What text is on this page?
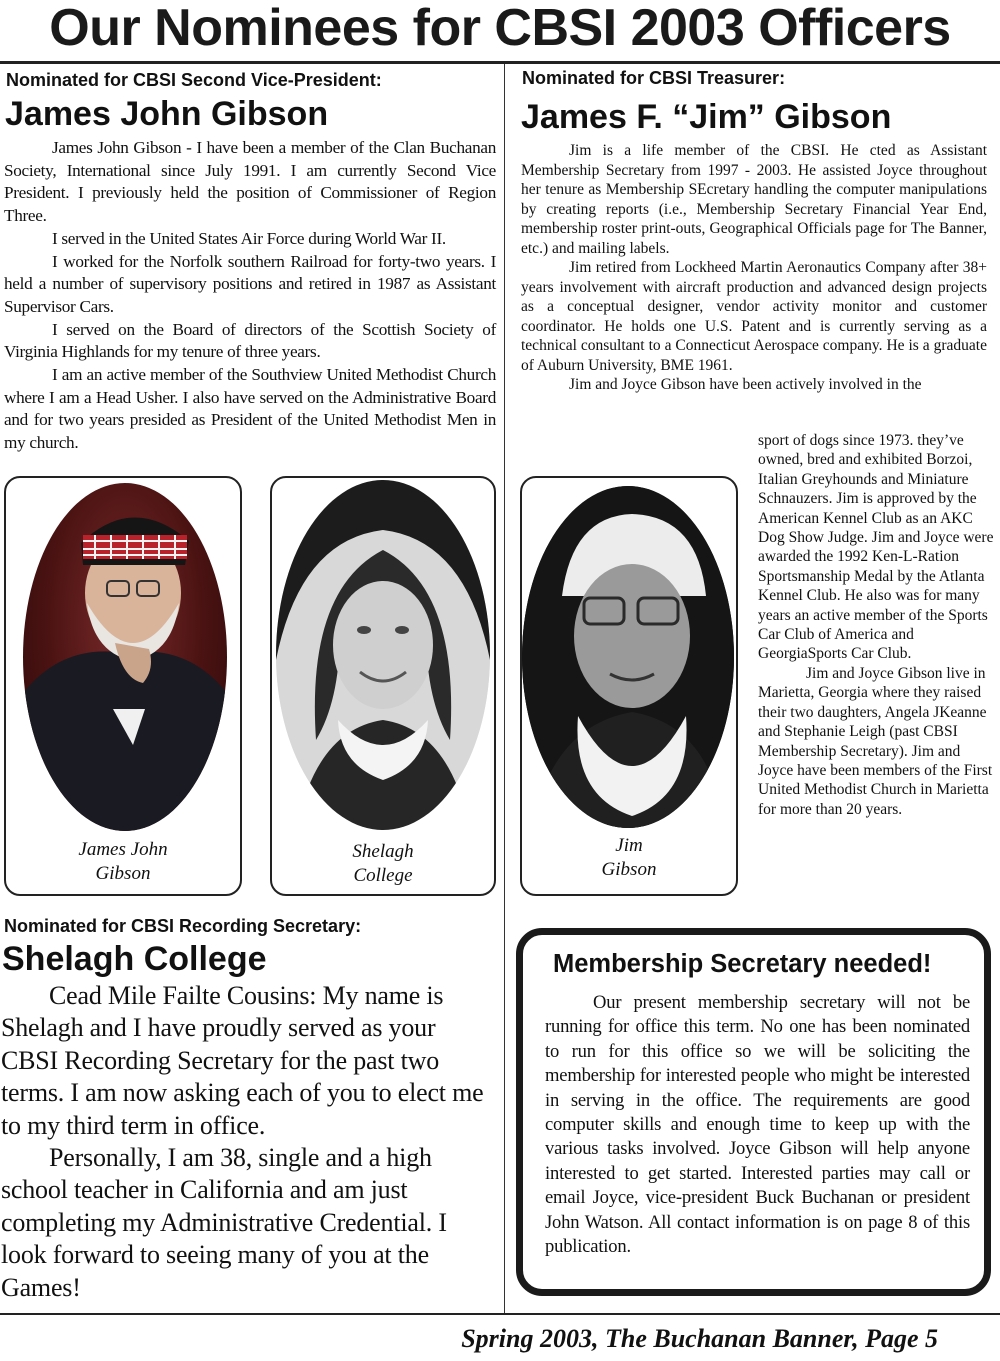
Our Nominees for CBSI 2003 Officers
Nominated for CBSI Second Vice-President:
James John Gibson

James John Gibson - I have been a member of the Clan Buchanan Society, International since July 1991. I am currently Second Vice President. I previously held the position of Commissioner of Region Three.

I served in the United States Air Force during World War II.

I worked for the Norfolk southern Railroad for forty-two years. I held a number of supervisory positions and retired in 1987 as Assistant Supervisor Cars.

I served on the Board of directors of the Scottish Society of Virginia Highlands for my tenure of three years.

I am an active member of the Southview United Methodist Church where I am a Head Usher. I also have served on the Administrative Board and for two years presided as President of the United Methodist Men in my church.

Nominated for CBSI Treasurer:
James F. “Jim” Gibson

Jim is a life member of the CBSI. He cted as Assistant Membership Secretary from 1997 - 2003. He assisted Joyce throughout her tenure as Membership SEcretary handling the computer manipulations by creating reports (i.e., Membership Secretary Financial Year End, membership roster print-outs, Geographical Officials page for The Banner, etc.) and mailing labels.

Jim retired from Lockheed Martin Aeronautics Company after 38+ years involvement with aircraft production and advanced design projects as a conceptual designer, vendor activity monitor and customer coordinator. He holds one U.S. Patent and is currently serving as a technical consultant to a Connecticut Aerospace company. He is a graduate of Auburn University, BME 1961.

Jim and Joyce Gibson have been actively involved in the

sport of dogs since 1973. they’ve owned, bred and exhibited Borzoi, Italian Greyhounds and Miniature Schnauzers. Jim is approved by the American Kennel Club as an AKC Dog Show Judge. Jim and Joyce were awarded the 1992 Ken-L-Ration Sportsmanship Medal by the Atlanta Kennel Club. He also was for many years an active member of the Sports Car Club of America and GeorgiaSports Car Club.

Jim and Joyce Gibson live in Marietta, Georgia where they raised their two daughters, Angela JKeanne and Stephanie Leigh (past CBSI Membership Secretary). Jim and Joyce have been members of the First United Methodist Church in Marietta for more than 20 years.

James John
Gibson
Shelagh
College
Jim
Gibson
Nominated for CBSI Recording Secretary:
Shelagh College

Cead Mile Failte Cousins: My name is Shelagh and I have proudly served as your CBSI Recording Secretary for the past two terms. I am now asking each of you to elect me to my third term in office.

Personally, I am 38, single and a high school teacher in California and am just completing my Administrative Credential. I look forward to seeing many of you at the Games!

Membership Secretary needed!

Our present membership secretary will not be running for office this term. No one has been nominated to run for this office so we will be soliciting the membership for interested people who might be interested in serving in the office. The requirements are good computer skills and enough time to keep up with the various tasks involved. Joyce Gibson will help anyone interested to get started. Interested parties may call or email Joyce, vice-president Buck Buchanan or president John Watson. All contact information is on page 8 of this publication.

Spring 2003, The Buchanan Banner, Page 5
